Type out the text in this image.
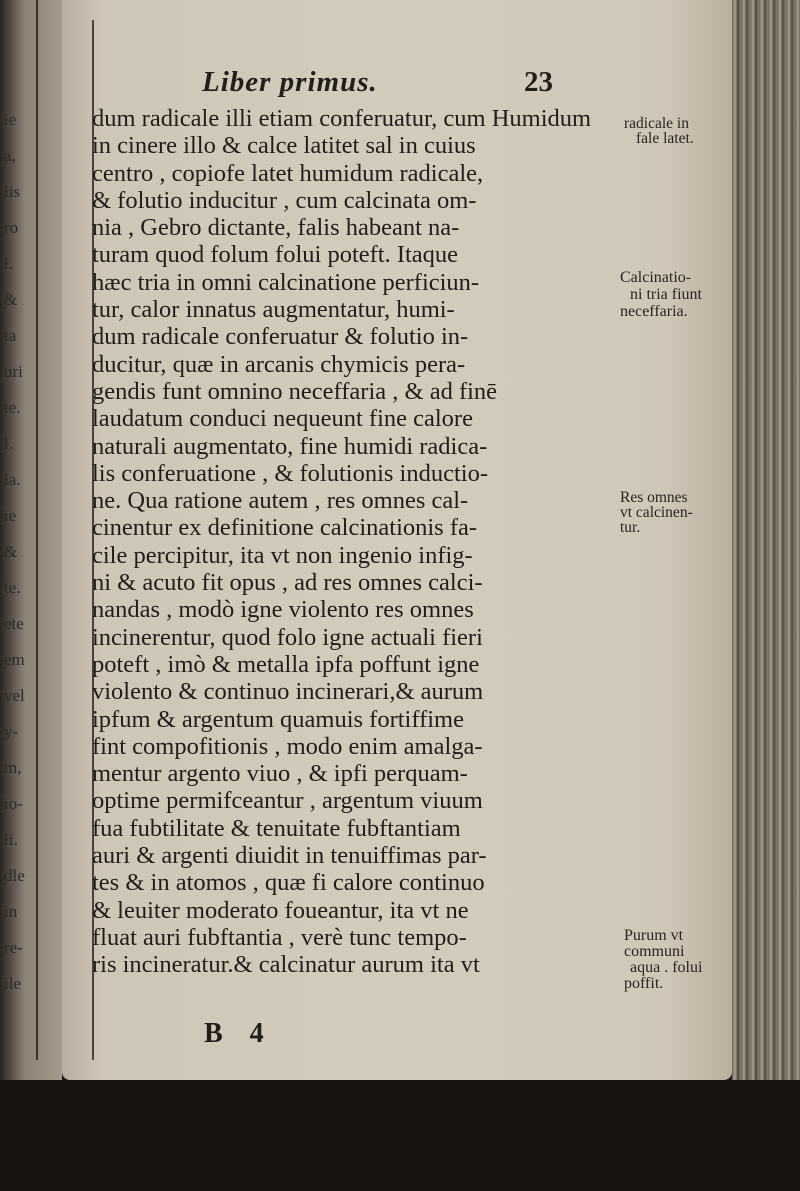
ie
a,
lis
ro
l.
&
ta
uri
te.
l.
la.
ie
&
te.
ete
em
vel
y-
m,
io-
li.
dle
in
re-
ile
Liber primus.	23
dum radicale illi etiam conferuatur, cum Humidum
in cinere illo & calce latitet sal in cuius
centro , copiofe latet humidum radicale,
& folutio inducitur , cum calcinata om-
nia , Gebro dictante, falis habeant na-
turam quod folum folui poteft. Itaque
hæc tria in omni calcinatione perficiun-
tur, calor innatus augmentatur, humi-
dum radicale conferuatur & folutio in-
ducitur, quæ in arcanis chymicis pera-
gendis funt omnino neceffaria , & ad finē
laudatum conduci nequeunt fine calore
naturali augmentato, fine humidi radica-
lis conferuatione , & folutionis inductio-
ne. Qua ratione autem , res omnes cal-
cinentur ex definitione calcinationis fa-
cile percipitur, ita vt non ingenio infig-
ni & acuto fit opus , ad res omnes calci-
nandas , modò igne violento res omnes
incinerentur, quod folo igne actuali fieri
poteft , imò & metalla ipfa poffunt igne
violento & continuo incinerari,& aurum
ipfum & argentum quamuis fortiffime
fint compofitionis , modo enim amalga-
mentur argento viuo , & ipfi perquam-
optime permifceantur , argentum viuum
fua fubtilitate & tenuitate fubftantiam
auri & argenti diuidit in tenuiffimas par-
tes & in atomos , quæ fi calore continuo
& leuiter moderato foueantur, ita vt ne
fluat auri fubftantia , verè tunc tempo-
ris incineratur.& calcinatur aurum ita vt
radicale in
fale latet.
Calcinatio-
ni tria fiunt
neceffaria.
Res omnes
vt calcinen-
tur.
Purum vt
communi
aqua . folui
poffit.
B 4
